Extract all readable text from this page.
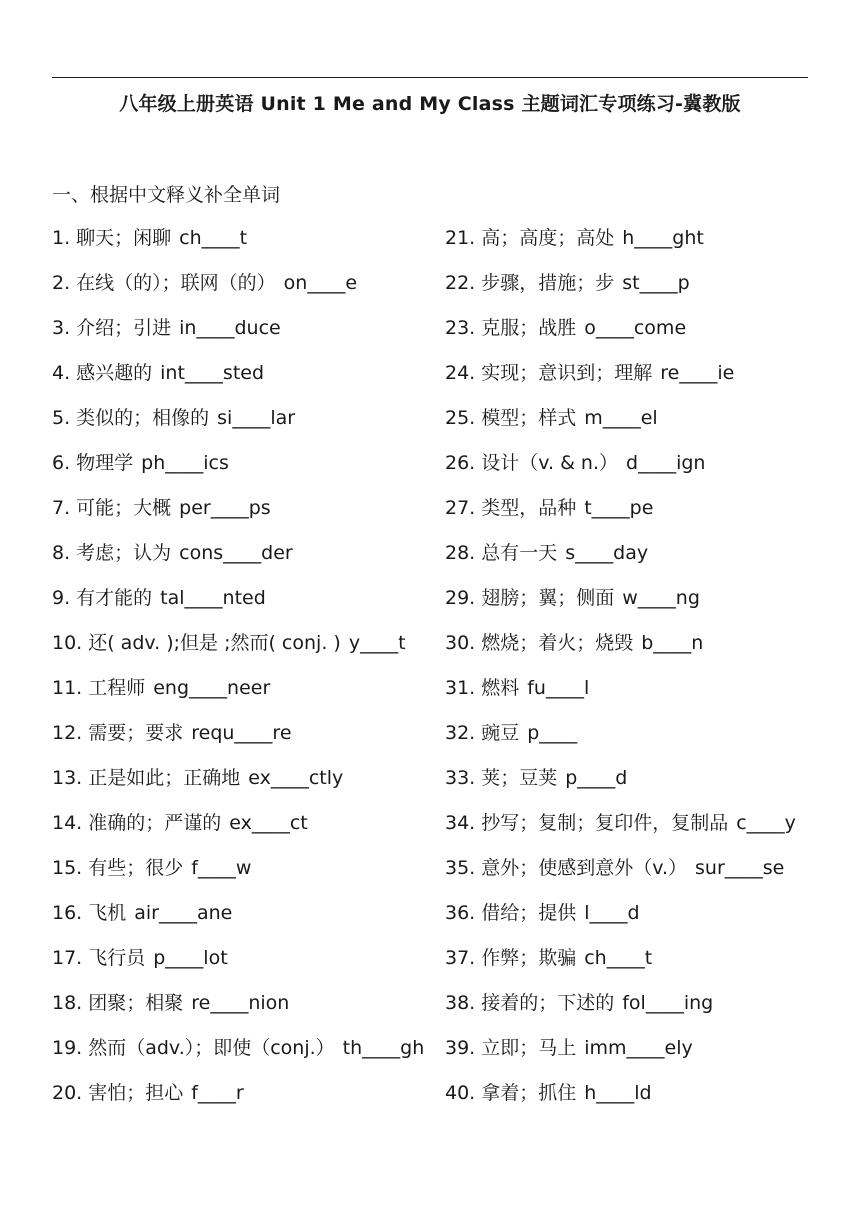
八年级上册英语 Unit 1 Me and My Class 主题词汇专项练习-冀教版
一、根据中文释义补全单词
1. 聊天；闲聊 ch____t
2. 在线（的）；联网（的） on____e
3. 介绍；引进 in____duce
4. 感兴趣的 int____sted
5. 类似的；相像的 si____lar
6. 物理学 ph____ics
7. 可能；大概 per____ps
8. 考虑；认为 cons____der
9. 有才能的 tal____nted
10. 还( adv. );但是 ;然而( conj. ) y____t
11. 工程师 eng____neer
12. 需要；要求 requ____re
13. 正是如此；正确地 ex____ctly
14. 准确的；严谨的 ex____ct
15. 有些；很少 f____w
16. 飞机 air____ane
17. 飞行员 p____lot
18. 团聚；相聚 re____nion
19. 然而（adv.）；即使（conj.） th____gh
20. 害怕；担心 f____r
21. 高；高度；高处 h____ght
22. 步骤，措施；步 st____p
23. 克服；战胜 o____come
24. 实现；意识到；理解 re____ie
25. 模型；样式 m____el
26. 设计（v. & n.） d____ign
27. 类型，品种 t____pe
28. 总有一天 s____day
29. 翅膀；翼；侧面 w____ng
30. 燃烧；着火；烧毁 b____n
31. 燃料 fu____l
32. 豌豆 p____
33. 荚；豆荚 p____d
34. 抄写；复制；复印件，复制品 c____y
35. 意外；使感到意外（v.） sur____se
36. 借给；提供 l____d
37. 作弊；欺骗 ch____t
38. 接着的；下述的 fol____ing
39. 立即；马上 imm____ely
40. 拿着；抓住 h____ld
